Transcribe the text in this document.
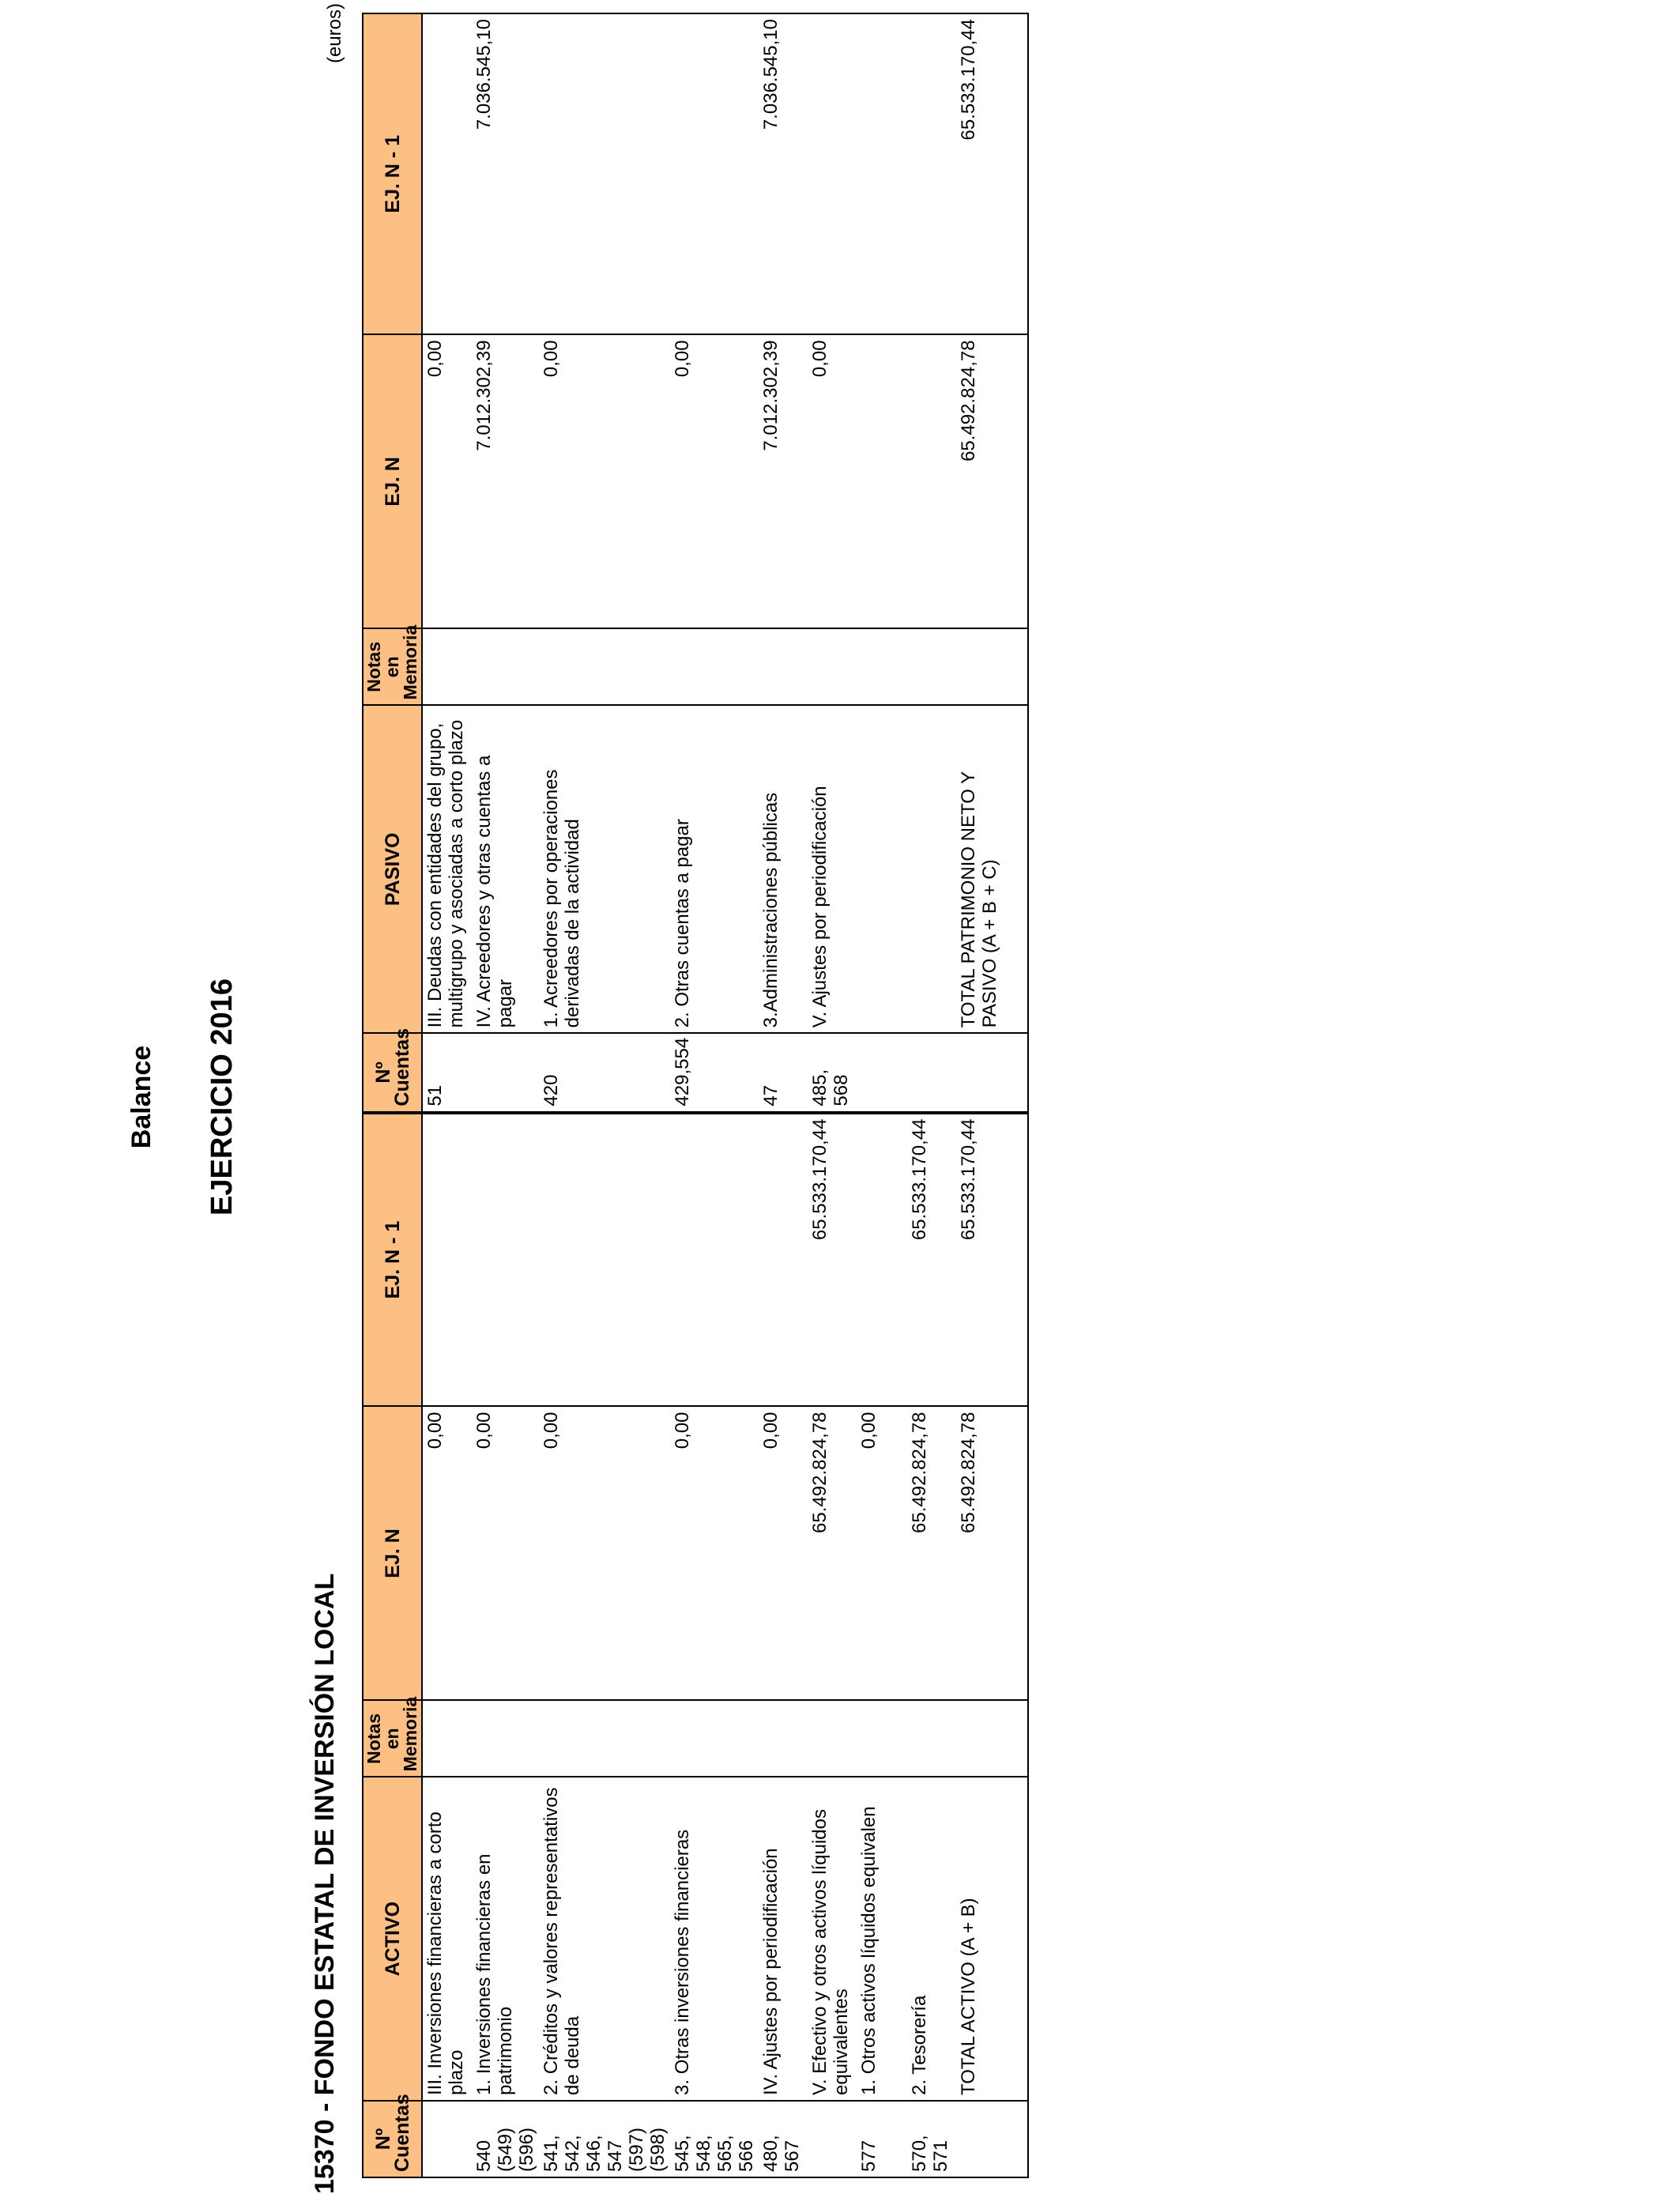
Balance EJERCICIO 2016
15370 - FONDO ESTATAL DE INVERSIÓN LOCAL
(euros)
Nº Cuentas	ACTIVO	Notas en Memoria	EJ. N	EJ. N - 1	Nº Cuentas	PASIVO	Notas en Memoria	EJ. N	EJ. N - 1
	III. Inversiones financieras a corto plazo		0,00		51	III. Deudas con entidades del grupo, multigrupo y asociadas a corto plazo		0,00	
540 (549) (596)	1. Inversiones financieras en patrimonio		0,00			IV. Acreedores y otras cuentas a pagar		7.012.302,39	7.036.545,10
541, 542, 546, 547 (597) (598)	2. Créditos y valores representativos de deuda		0,00		420	1. Acreedores por operaciones derivadas de la actividad		0,00	
545, 548, 565, 566	3. Otras inversiones financieras		0,00		429,554	2. Otras cuentas a pagar		0,00	
480, 567	IV. Ajustes por periodificación		0,00		47	3.Administraciones públicas		7.012.302,39	7.036.545,10
	V. Efectivo y otros activos líquidos equivalentes		65.492.824,78	65.533.170,44	485, 568	V. Ajustes por periodificación		0,00	
577	1. Otros activos líquidos equivalen		0,00						
570, 571	2. Tesorería		65.492.824,78	65.533.170,44					
	TOTAL ACTIVO (A + B)		65.492.824,78	65.533.170,44		TOTAL PATRIMONIO NETO Y PASIVO (A + B + C)		65.492.824,78	65.533.170,44
